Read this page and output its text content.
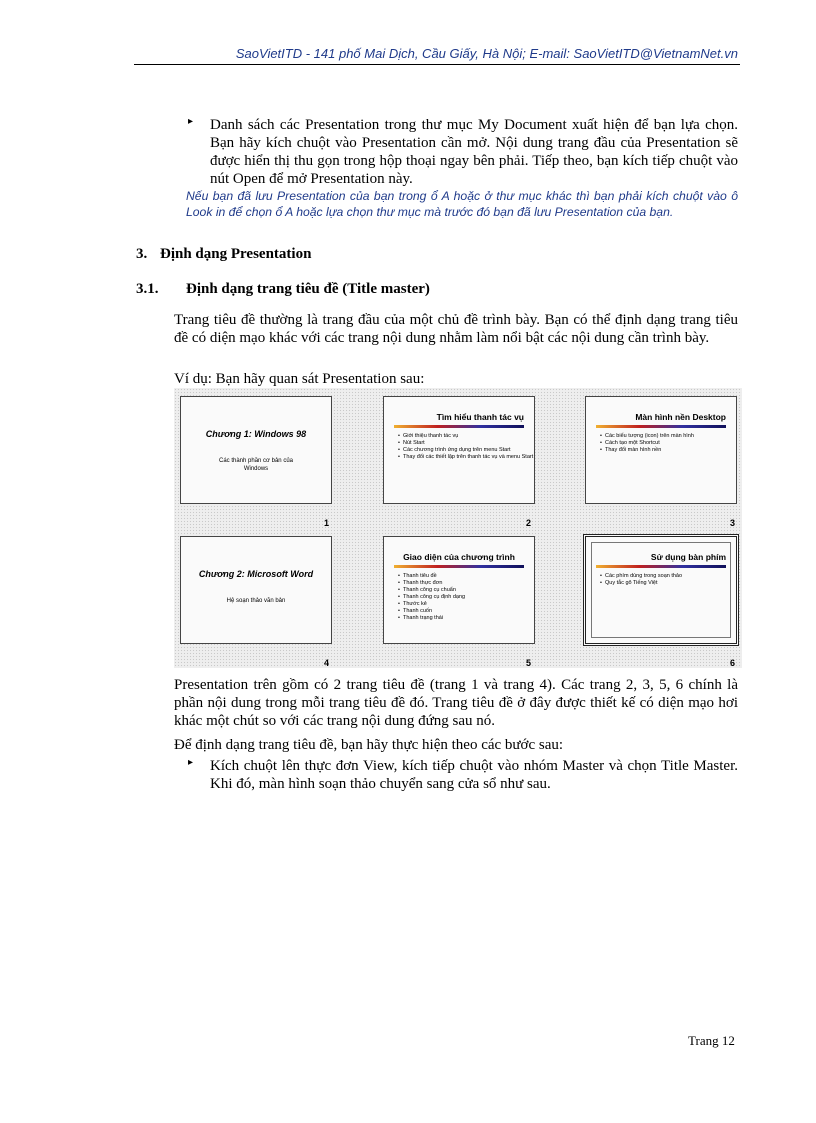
SaoVietITD - 141 phố Mai Dịch, Cầu Giấy, Hà Nội; E-mail: SaoVietITD@VietnamNet.vn
▸ Danh sách các Presentation trong thư mục My Document xuất hiện để bạn lựa chọn. Bạn hãy kích chuột vào Presentation cần mở. Nội dung trang đầu của Presentation sẽ được hiển thị thu gọn trong hộp thoại ngay bên phải. Tiếp theo, bạn kích tiếp chuột vào nút Open để mở Presentation này.
Nếu bạn đã lưu Presentation của bạn trong ổ A hoặc ở thư mục khác thì bạn phải kích chuột vào ô Look in để chọn ổ A hoặc lựa chọn thư mục mà trước đó bạn đã lưu Presentation của bạn.
3. Định dạng Presentation
3.1. Định dạng trang tiêu đề (Title master)
Trang tiêu đề thường là trang đầu của một chủ đề trình bày. Bạn có thể định dạng trang tiêu đề có diện mạo khác với các trang nội dung nhằm làm nổi bật các nội dung cần trình bày.
Ví dụ: Bạn hãy quan sát Presentation sau:
Chương 1: Windows 98
Các thành phần cơ bản của Windows
1
Tìm hiểu thanh tác vụ
• Giới thiệu thanh tác vụ
• Nút Start
• Các chương trình ứng dụng trên menu Start
• Thay đổi các thiết lập trên thanh tác vụ và menu Start
2
Màn hình nền Desktop
• Các biểu tượng (icon) trên màn hình
• Cách tạo một Shortcut
• Thay đổi màn hình nền
3
Chương 2: Microsoft Word
Hệ soạn thảo văn bản
4
Giao diện của chương trình
• Thanh tiêu đề
• Thanh thực đơn
• Thanh công cụ chuẩn
• Thanh công cụ định dạng
• Thước kẻ
• Thanh cuốn
• Thanh trạng thái
5
Sử dụng bàn phím
• Các phím dùng trong soạn thảo
• Quy tắc gõ Tiếng Việt
6
Presentation trên gồm có 2 trang tiêu đề (trang 1 và trang 4). Các trang 2, 3, 5, 6 chính là phần nội dung trong mỗi trang tiêu đề đó. Trang tiêu đề ở đây được thiết kế có diện mạo hơi khác một chút so với các trang nội dung đứng sau nó.
Để định dạng trang tiêu đề, bạn hãy thực hiện theo các bước sau:
▸ Kích chuột lên thực đơn View, kích tiếp chuột vào nhóm Master và chọn Title Master. Khi đó, màn hình soạn thảo chuyển sang cửa sổ như sau.
Trang 12
